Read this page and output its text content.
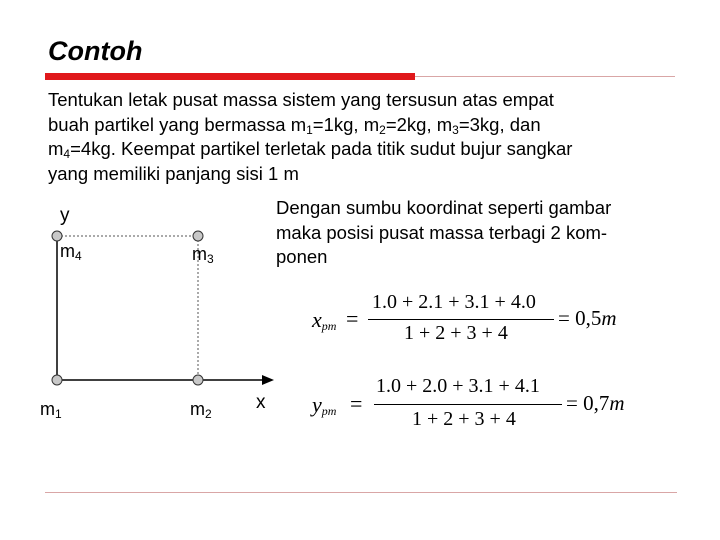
Contoh
Tentukan letak pusat massa sistem yang tersusun atas empat
buah partikel yang bermassa $m_1=1kg$, $m_2=2kg$, $m_3=3kg$, dan
$m_4=4kg$. Keempat partikel terletak pada titik sudut bujur sangkar
yang memiliki panjang sisi 1 m
Dengan sumbu koordinat seperti gambar
maka posisi pusat massa terbagi 2 kom-
ponen
y
x
$m_4$	$m_3$
$m_1$	$m_2$
$x_{pm}$ =
1.0 + 2.1 + 3.1 + 4.0
1 + 2 + 3 + 4
= 0,5m
$y_{pm}$ =
1.0 + 2.0 + 3.1 + 4.1
1 + 2 + 3 + 4
= 0,7m
